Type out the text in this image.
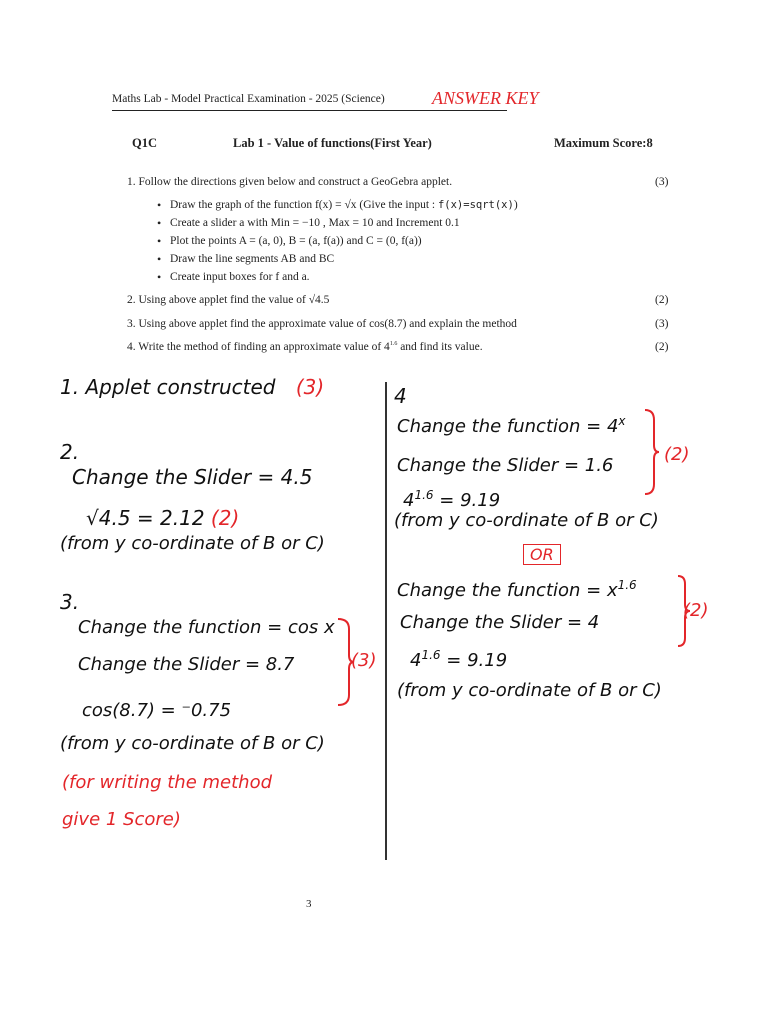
Maths Lab - Model Practical Examination - 2025 (Science)	ANSWER KEY
Q1C	Lab 1 - Value of functions(First Year)	Maximum Score:8
1. Follow the directions given below and construct a GeoGebra applet.	(3)
• Draw the graph of the function f(x) = √x (Give the input : f(x)=sqrt(x))
• Create a slider a with Min = −10 , Max = 10 and Increment 0.1
• Plot the points A = (a, 0), B = (a, f(a)) and C = (0, f(a))
• Draw the line segments AB and BC
• Create input boxes for f and a.
2. Using above applet find the value of √4.5	(2)
3. Using above applet find the approximate value of cos(8.7) and explain the method	(3)
4. Write the method of finding an approximate value of $4^{1.6}$ and find its value.	(2)
1. Applet constructed (3)
2.
Change the Slider = 4.5
√4.5 = 2.12 (2)
(from y co-ordinate of B or C)
3.
Change the function = cos x
Change the Slider = 8.7	(3)
cos(8.7) = ⁻0.75
(from y co-ordinate of B or C)
(for writing the method
give 1 Score)
4
Change the function = $4^x$
Change the Slider = 1.6
(2)
$4^{1.6} = 9.19$
(from y co-ordinate of B or C)
OR
Change the function = $x^{1.6}$
Change the Slider = 4
(2)
$4^{1.6} = 9.19$
(from y co-ordinate of B or C)
3
